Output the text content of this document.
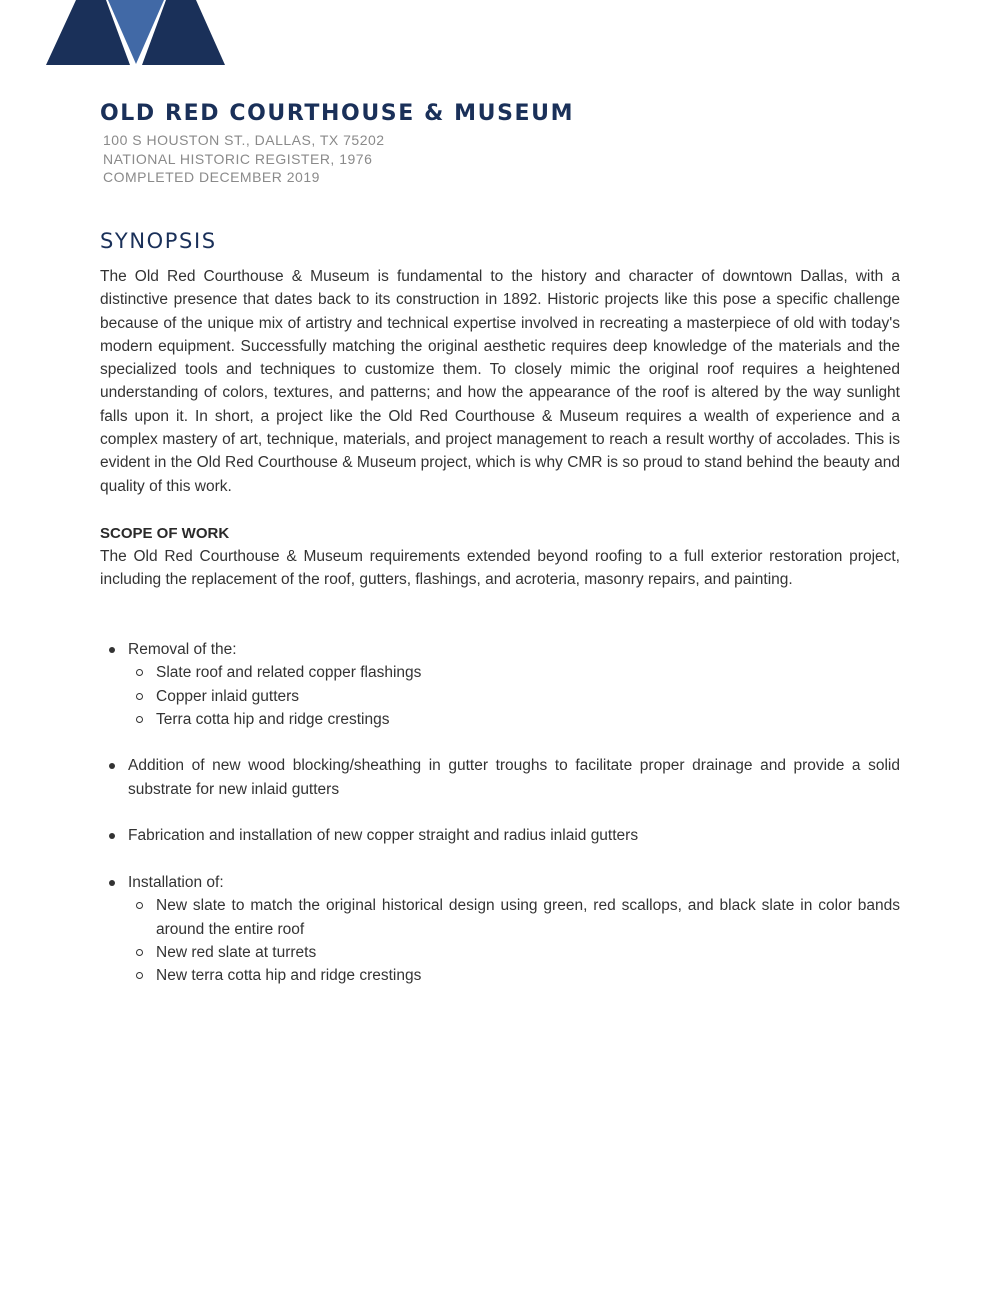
OLD RED COURTHOUSE & MUSEUM

100 S HOUSTON ST., DALLAS, TX 75202

NATIONAL HISTORIC REGISTER, 1976

COMPLETED DECEMBER 2019

SYNOPSIS

The Old Red Courthouse & Museum is fundamental to the history and character of downtown Dallas, with a distinctive presence that dates back to its construction in 1892. Historic projects like this pose a specific challenge because of the unique mix of artistry and technical expertise involved in recreating a masterpiece of old with today's modern equipment. Successfully matching the original aesthetic requires deep knowledge of the materials and the specialized tools and techniques to customize them. To closely mimic the original roof requires a heightened understanding of colors, textures, and patterns; and how the appearance of the roof is altered by the way sunlight falls upon it. In short, a project like the Old Red Courthouse & Museum requires a wealth of experience and a complex mastery of art, technique, materials, and project management to reach a result worthy of accolades. This is evident in the Old Red Courthouse & Museum project, which is why CMR is so proud to stand behind the beauty and quality of this work.

SCOPE OF WORK

The Old Red Courthouse & Museum requirements extended beyond roofing to a full exterior restoration project, including the replacement of the roof, gutters, flashings, and acroteria, masonry repairs, and painting.

Removal of the:
Slate roof and related copper flashings
Copper inlaid gutters
Terra cotta hip and ridge crestings
Addition of new wood blocking/sheathing in gutter troughs to facilitate proper drainage and provide a solid substrate for new inlaid gutters
Fabrication and installation of new copper straight and radius inlaid gutters
Installation of:
New slate to match the original historical design using green, red scallops, and black slate in color bands around the entire roof
New red slate at turrets
New terra cotta hip and ridge crestings
